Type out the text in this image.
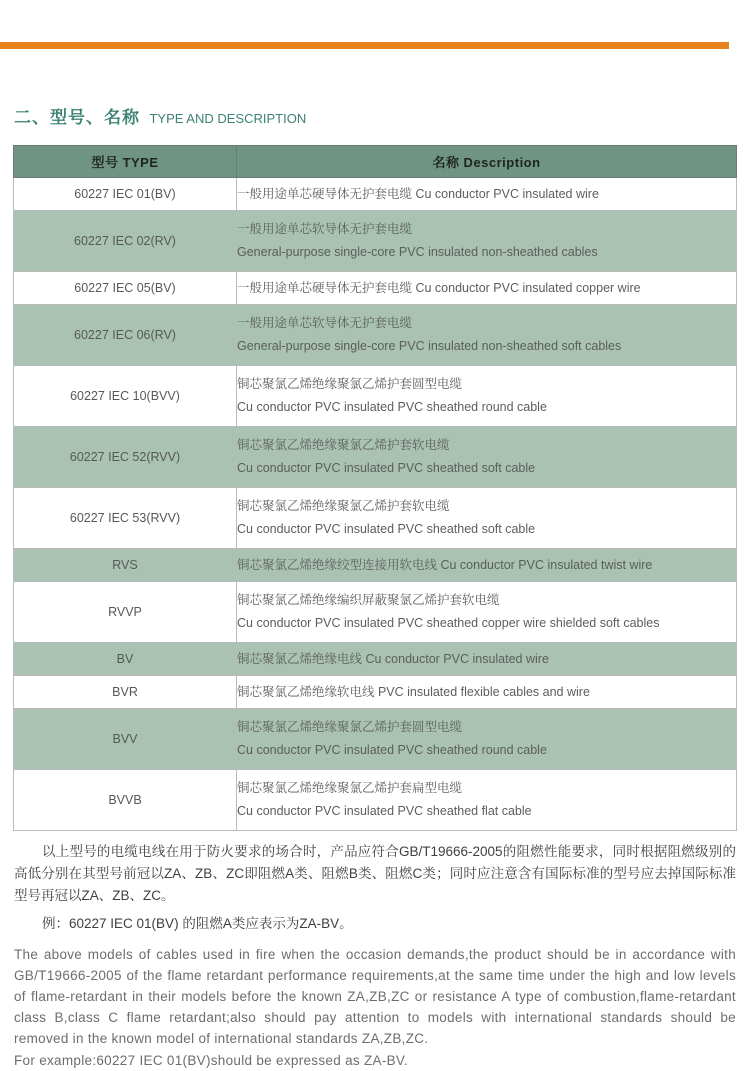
二、型号、名称 TYPE AND DESCRIPTION
型号 TYPE	名称 Description
60227 IEC 01(BV)	一般用途单芯硬导体无护套电缆 Cu conductor PVC insulated wire

60227 IEC 02(RV)	一般用途单芯软导体无护套电缆
General-purpose single-core PVC insulated non-sheathed cables

60227 IEC 05(BV)	一般用途单芯硬导体无护套电缆 Cu conductor PVC insulated copper wire

60227 IEC 06(RV)	一般用途单芯软导体无护套电缆
General-purpose single-core PVC insulated non-sheathed soft cables

60227 IEC 10(BVV)	铜芯聚氯乙烯绝缘聚氯乙烯护套圆型电缆
Cu conductor PVC insulated PVC sheathed round cable

60227 IEC 52(RVV)	铜芯聚氯乙烯绝缘聚氯乙烯护套软电缆
Cu conductor PVC insulated PVC sheathed soft cable

60227 IEC 53(RVV)	铜芯聚氯乙烯绝缘聚氯乙烯护套软电缆
Cu conductor PVC insulated PVC sheathed soft cable

RVS	铜芯聚氯乙烯绝缘绞型连接用软电线 Cu conductor PVC insulated twist wire

RVVP	铜芯聚氯乙烯绝缘编织屏蔽聚氯乙烯护套软电缆
Cu conductor PVC insulated PVC sheathed copper wire shielded soft cables

BV	铜芯聚氯乙烯绝缘电线 Cu conductor PVC insulated wire

BVR	铜芯聚氯乙烯绝缘软电线 PVC insulated flexible cables and wire

BVV	铜芯聚氯乙烯绝缘聚氯乙烯护套圆型电缆
Cu conductor PVC insulated PVC sheathed round cable

BVVB	铜芯聚氯乙烯绝缘聚氯乙烯护套扁型电缆
Cu conductor PVC insulated PVC sheathed flat cable

以上型号的电缆电线在用于防火要求的场合时，产品应符合GB/T19666-2005的阻燃性能要求，同时根据阻燃级别的高低分别在其型号前冠以ZA、ZB、ZC即阻燃A类、阻燃B类、阻燃C类；同时应注意含有国际标准的型号应去掉国际标准型号再冠以ZA、ZB、ZC。

例：60227 IEC 01(BV) 的阻燃A类应表示为ZA-BV。

The above models of cables used in fire when the occasion demands,the product should be in accordance with GB/T19666-2005 of the flame retardant performance requirements,at the same time under the high and low levels of flame-retardant in their models before the known ZA,ZB,ZC or resistance A type of combustion,flame-retardant class B,class C flame retardant;also should pay attention to models with international standards should be removed in the known model of international standards ZA,ZB,ZC.

For example:60227 IEC 01(BV)should be expressed as ZA-BV.
